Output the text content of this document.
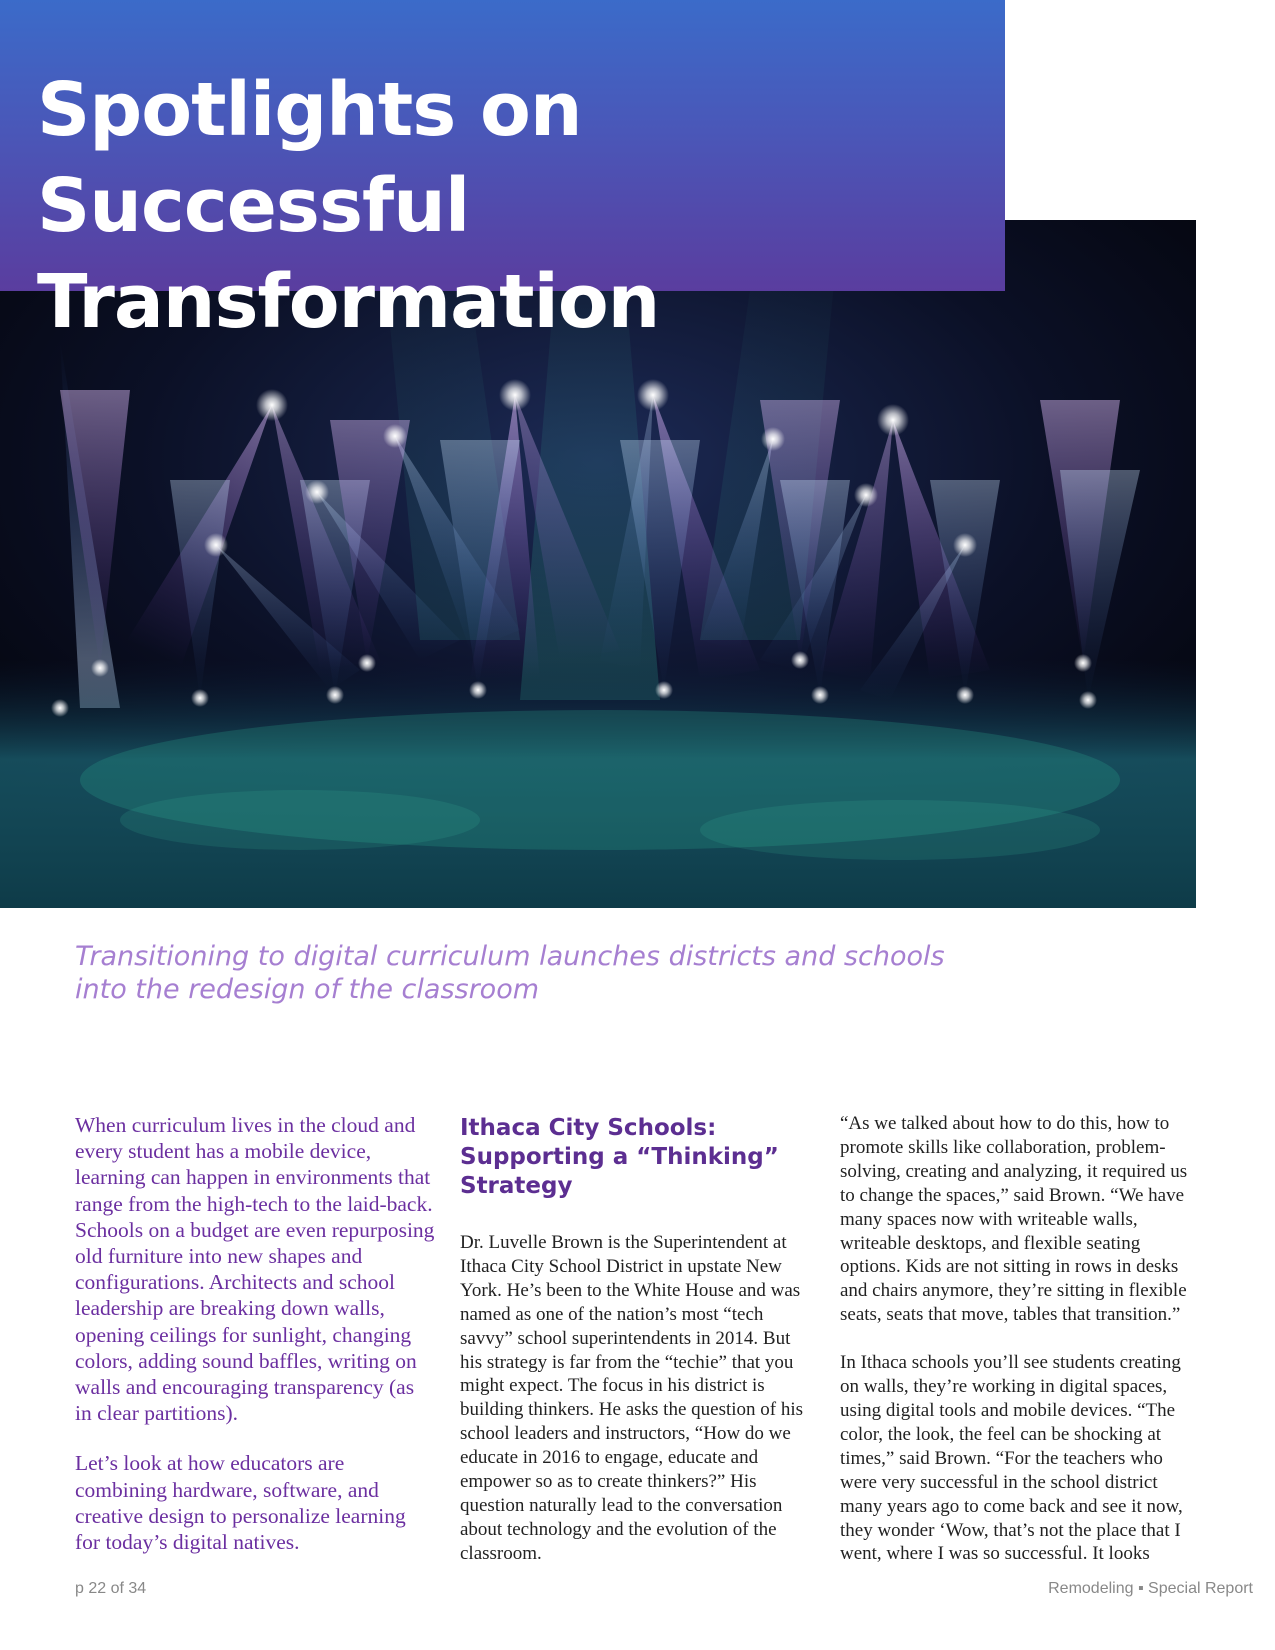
Spotlights on
Successful Transformation

Transitioning to digital curriculum launches districts and schools
into the redesign of the classroom

When curriculum lives in the cloud and every student has a mobile device, learning can happen in environments that range from the high-tech to the laid-back. Schools on a budget are even repurposing old furniture into new shapes and configurations. Architects and school leadership are breaking down walls, opening ceilings for sunlight, changing colors, adding sound baffles, writing on walls and encouraging transparency (as in clear partitions).

Let’s look at how educators are combining hardware, software, and creative design to personalize learning for today’s digital natives.

Ithaca City Schools:
Supporting a “Thinking”
Strategy

Dr. Luvelle Brown is the Superintendent at Ithaca City School District in upstate New York. He’s been to the White House and was named as one of the nation’s most “tech savvy” school superintendents in 2014. But his strategy is far from the “techie” that you might expect. The focus in his district is building thinkers. He asks the question of his school leaders and instructors, “How do we educate in 2016 to engage, educate and empower so as to create thinkers?” His question naturally lead to the conversation about technology and the evolution of the classroom.

“As we talked about how to do this, how to promote skills like collaboration, problem-solving, creating and analyzing, it required us to change the spaces,” said Brown. “We have many spaces now with writeable walls, writeable desktops, and flexible seating options. Kids are not sitting in rows in desks and chairs anymore, they’re sitting in flexible seats, seats that move, tables that transition.”

In Ithaca schools you’ll see students creating on walls, they’re working in digital spaces, using digital tools and mobile devices. “The color, the look, the feel can be shocking at times,” said Brown. “For the teachers who were very successful in the school district many years ago to come back and see it now, they wonder ‘Wow, that’s not the place that I went, where I was so successful. It looks

p 22 of 34	Remodeling ▪ Special Report
